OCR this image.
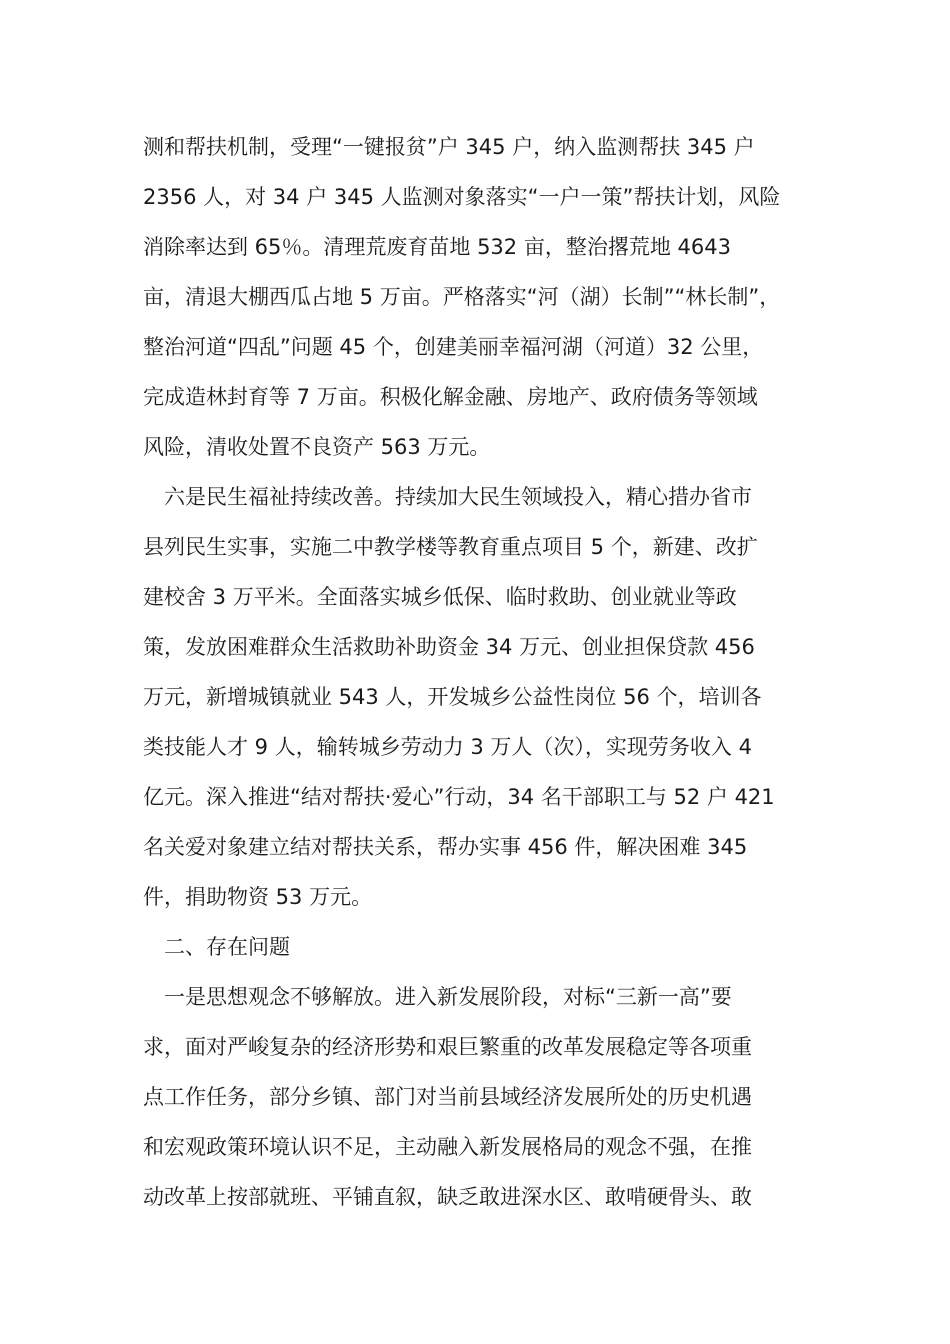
测和帮扶机制，受理“一键报贫”户 345 户，纳入监测帮扶 345 户
2356 人，对 34 户 345 人监测对象落实“一户一策”帮扶计划，风险
消除率达到 65％。清理荒废育苗地 532 亩，整治撂荒地 4643
亩，清退大棚西瓜占地 5 万亩。严格落实“河（湖）长制”“林长制”，
整治河道“四乱”问题 45 个，创建美丽幸福河湖（河道）32 公里，
完成造林封育等 7 万亩。积极化解金融、房地产、政府债务等领域
风险，清收处置不良资产 563 万元。
　六是民生福祉持续改善。持续加大民生领域投入，精心措办省市
县列民生实事，实施二中教学楼等教育重点项目 5 个，新建、改扩
建校舍 3 万平米。全面落实城乡低保、临时救助、创业就业等政
策，发放困难群众生活救助补助资金 34 万元、创业担保贷款 456
万元，新增城镇就业 543 人，开发城乡公益性岗位 56 个，培训各
类技能人才 9 人，输转城乡劳动力 3 万人（次），实现劳务收入 4
亿元。深入推进“结对帮扶·爱心”行动，34 名干部职工与 52 户 421
名关爱对象建立结对帮扶关系，帮办实事 456 件，解决困难 345
件，捐助物资 53 万元。
　二、存在问题
　一是思想观念不够解放。进入新发展阶段，对标“三新一高”要
求，面对严峻复杂的经济形势和艰巨繁重的改革发展稳定等各项重
点工作任务，部分乡镇、部门对当前县域经济发展所处的历史机遇
和宏观政策环境认识不足，主动融入新发展格局的观念不强，在推
动改革上按部就班、平铺直叙，缺乏敢进深水区、敢啃硬骨头、敢
